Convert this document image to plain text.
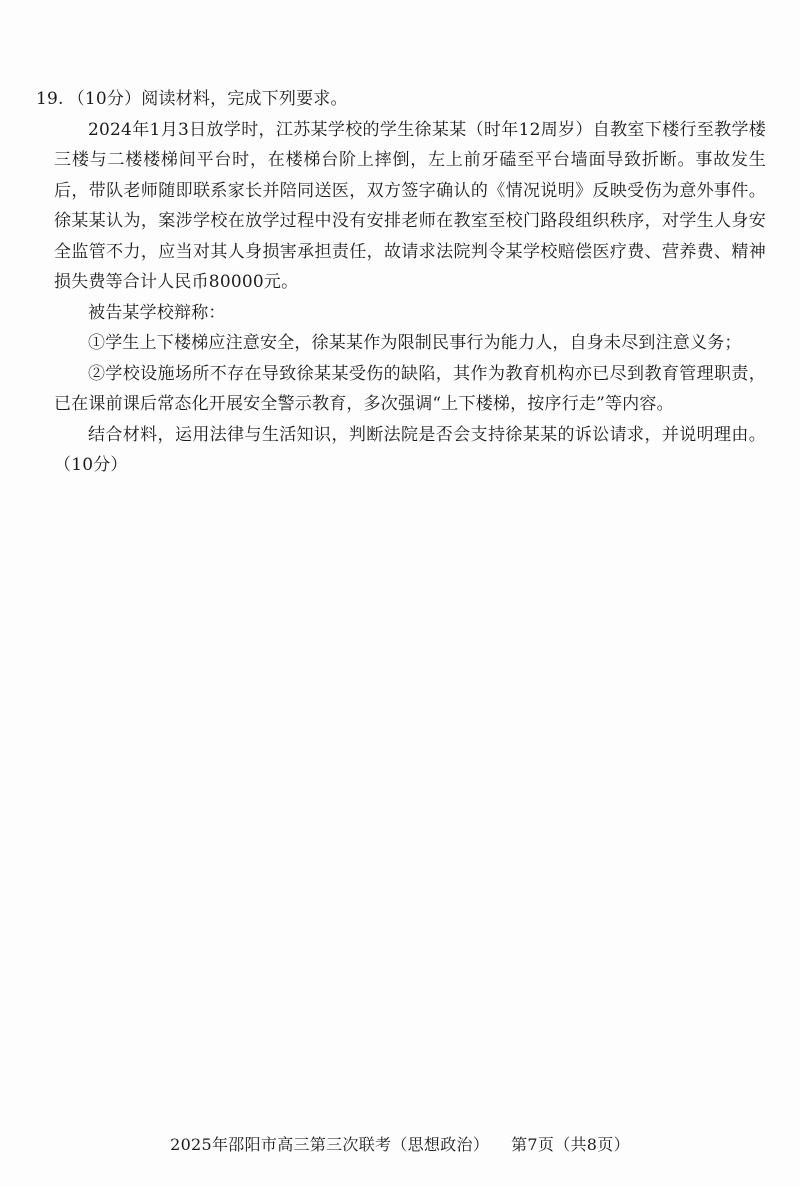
19. （10分）阅读材料，完成下列要求。

2024年1月3日放学时，江苏某学校的学生徐某某（时年12周岁）自教室下楼行至教学楼三楼与二楼楼梯间平台时，在楼梯台阶上摔倒，左上前牙磕至平台墙面导致折断。事故发生后，带队老师随即联系家长并陪同送医，双方签字确认的《情况说明》反映受伤为意外事件。徐某某认为，案涉学校在放学过程中没有安排老师在教室至校门路段组织秩序，对学生人身安全监管不力，应当对其人身损害承担责任，故请求法院判令某学校赔偿医疗费、营养费、精神损失费等合计人民币80000元。

被告某学校辩称：

①学生上下楼梯应注意安全，徐某某作为限制民事行为能力人，自身未尽到注意义务；

②学校设施场所不存在导致徐某某受伤的缺陷，其作为教育机构亦已尽到教育管理职责，已在课前课后常态化开展安全警示教育，多次强调“上下楼梯，按序行走”等内容。

结合材料，运用法律与生活知识，判断法院是否会支持徐某某的诉讼请求，并说明理由。（10分）

2025年邵阳市高三第三次联考（思想政治） 第7页（共8页）
